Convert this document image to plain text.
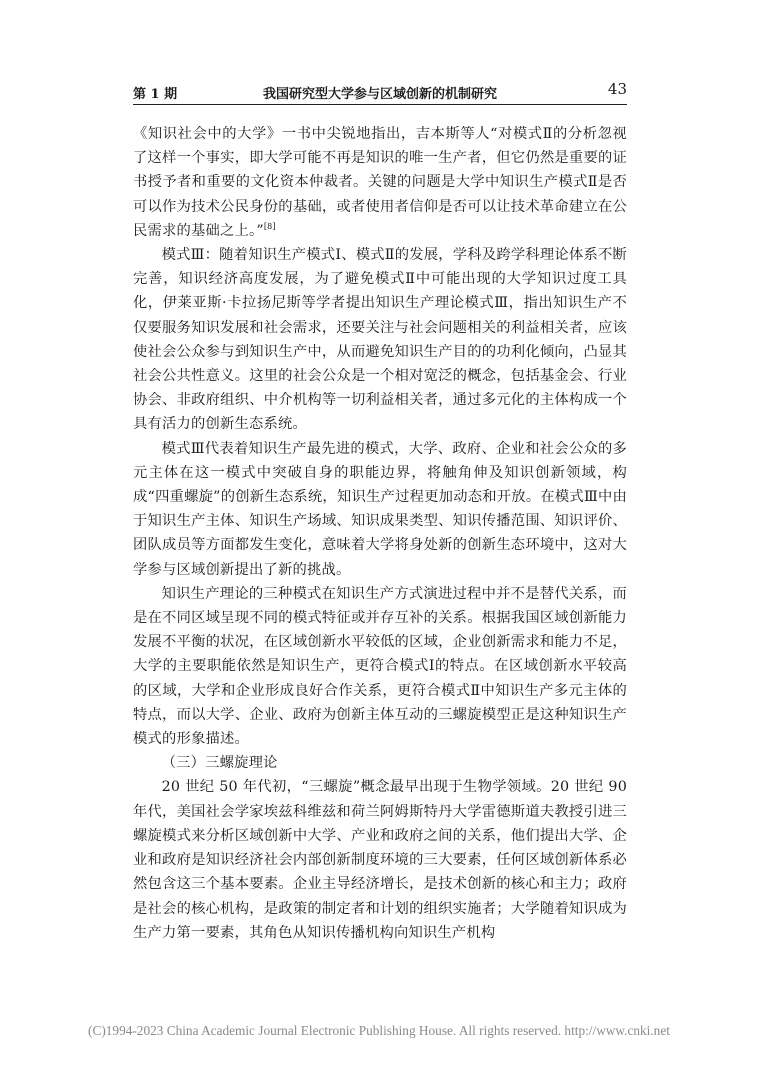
第 1 期	我国研究型大学参与区域创新的机制研究	43

《知识社会中的大学》一书中尖锐地指出，吉本斯等人“对模式Ⅱ的分析忽视了这样一个事实，即大学可能不再是知识的唯一生产者，但它仍然是重要的证书授予者和重要的文化资本仲裁者。关键的问题是大学中知识生产模式Ⅱ是否可以作为技术公民身份的基础，或者使用者信仰是否可以让技术革命建立在公民需求的基础之上。”[8]

模式Ⅲ：随着知识生产模式Ⅰ、模式Ⅱ的发展，学科及跨学科理论体系不断完善，知识经济高度发展，为了避免模式Ⅱ中可能出现的大学知识过度工具化，伊莱亚斯·卡拉扬尼斯等学者提出知识生产理论模式Ⅲ，指出知识生产不仅要服务知识发展和社会需求，还要关注与社会问题相关的利益相关者，应该使社会公众参与到知识生产中，从而避免知识生产目的的功利化倾向，凸显其社会公共性意义。这里的社会公众是一个相对宽泛的概念，包括基金会、行业协会、非政府组织、中介机构等一切利益相关者，通过多元化的主体构成一个具有活力的创新生态系统。

模式Ⅲ代表着知识生产最先进的模式，大学、政府、企业和社会公众的多元主体在这一模式中突破自身的职能边界，将触角伸及知识创新领域，构成“四重螺旋”的创新生态系统，知识生产过程更加动态和开放。在模式Ⅲ中由于知识生产主体、知识生产场域、知识成果类型、知识传播范围、知识评价、团队成员等方面都发生变化，意味着大学将身处新的创新生态环境中，这对大学参与区域创新提出了新的挑战。

知识生产理论的三种模式在知识生产方式演进过程中并不是替代关系，而是在不同区域呈现不同的模式特征或并存互补的关系。根据我国区域创新能力发展不平衡的状况，在区域创新水平较低的区域，企业创新需求和能力不足，大学的主要职能依然是知识生产，更符合模式Ⅰ的特点。在区域创新水平较高的区域，大学和企业形成良好合作关系，更符合模式Ⅱ中知识生产多元主体的特点，而以大学、企业、政府为创新主体互动的三螺旋模型正是这种知识生产模式的形象描述。

（三）三螺旋理论

20 世纪 50 年代初，“三螺旋”概念最早出现于生物学领域。20 世纪 90 年代，美国社会学家埃兹科维兹和荷兰阿姆斯特丹大学雷德斯道夫教授引进三螺旋模式来分析区域创新中大学、产业和政府之间的关系，他们提出大学、企业和政府是知识经济社会内部创新制度环境的三大要素，任何区域创新体系必然包含这三个基本要素。企业主导经济增长，是技术创新的核心和主力；政府是社会的核心机构，是政策的制定者和计划的组织实施者；大学随着知识成为生产力第一要素，其角色从知识传播机构向知识生产机构

(C)1994-2023 China Academic Journal Electronic Publishing House. All rights reserved. http://www.cnki.net
